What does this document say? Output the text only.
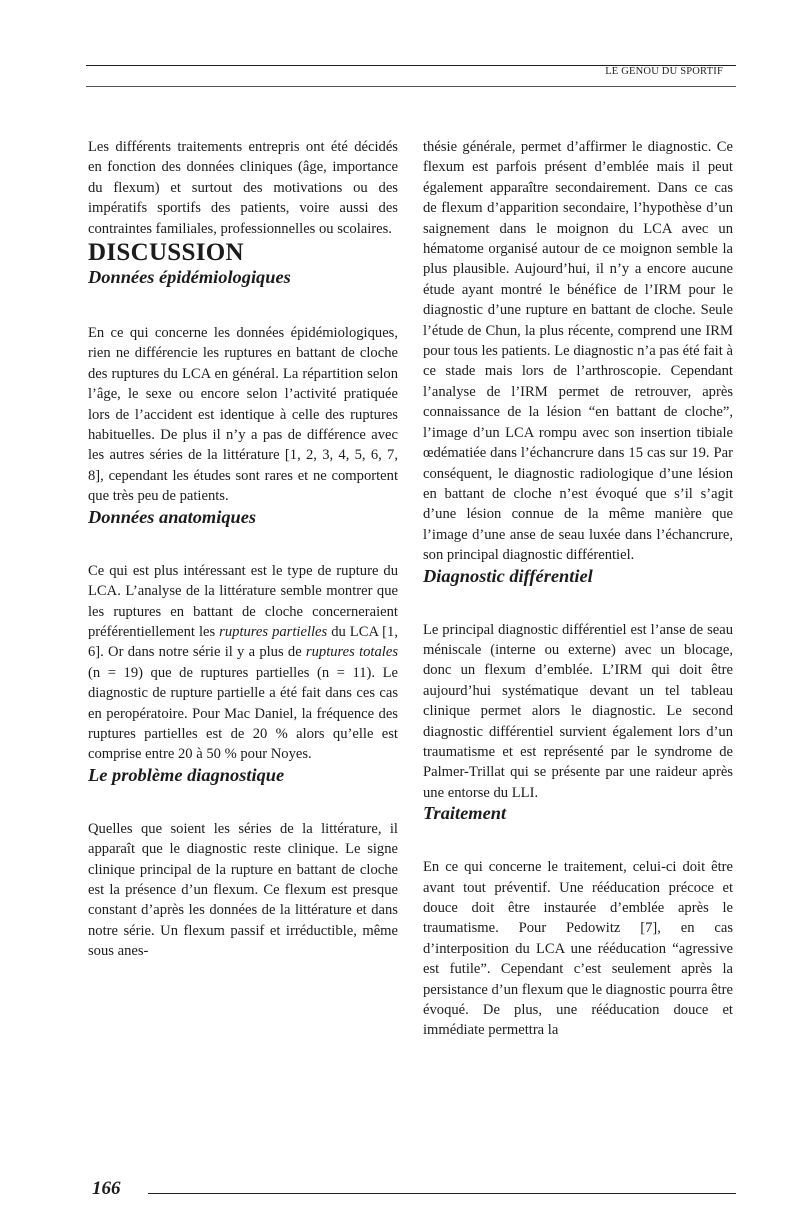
LE GENOU DU SPORTIF

Les différents traitements entrepris ont été décidés en fonction des données cliniques (âge, importance du flexum) et surtout des motivations ou des impératifs sportifs des patients, voire aussi des contraintes familiales, professionnelles ou scolaires.

DISCUSSION
Données épidémiologiques

En ce qui concerne les données épidémiologiques, rien ne différencie les ruptures en battant de cloche des ruptures du LCA en général. La répartition selon l’âge, le sexe ou encore selon l’activité pratiquée lors de l’accident est identique à celle des ruptures habituelles. De plus il n’y a pas de différence avec les autres séries de la littérature [1, 2, 3, 4, 5, 6, 7, 8], cependant les études sont rares et ne comportent que très peu de patients.

Données anatomiques

Ce qui est plus intéressant est le type de rupture du LCA. L’analyse de la littérature semble montrer que les ruptures en battant de cloche concerneraient préférentiellement les ruptures partielles du LCA [1, 6]. Or dans notre série il y a plus de ruptures totales (n = 19) que de ruptures partielles (n = 11). Le diagnostic de rupture partielle a été fait dans ces cas en peropératoire. Pour Mac Daniel, la fréquence des ruptures partielles est de 20 % alors qu’elle est comprise entre 20 à 50 % pour Noyes.

Le problème diagnostique

Quelles que soient les séries de la littérature, il apparaît que le diagnostic reste clinique. Le signe clinique principal de la rupture en battant de cloche est la présence d’un flexum. Ce flexum est presque constant d’après les données de la littérature et dans notre série. Un flexum passif et irréductible, même sous anes-

thésie générale, permet d’affirmer le diagnostic. Ce flexum est parfois présent d’emblée mais il peut également apparaître secondairement. Dans ce cas de flexum d’apparition secondaire, l’hypothèse d’un saignement dans le moignon du LCA avec un hématome organisé autour de ce moignon semble la plus plausible. Aujourd’hui, il n’y a encore aucune étude ayant montré le bénéfice de l’IRM pour le diagnostic d’une rupture en battant de cloche. Seule l’étude de Chun, la plus récente, comprend une IRM pour tous les patients. Le diagnostic n’a pas été fait à ce stade mais lors de l’arthroscopie. Cependant l’analyse de l’IRM permet de retrouver, après connaissance de la lésion “en battant de cloche”, l’image d’un LCA rompu avec son insertion tibiale œdématiée dans l’échancrure dans 15 cas sur 19. Par conséquent, le diagnostic radiologique d’une lésion en battant de cloche n’est évoqué que s’il s’agit d’une lésion connue de la même manière que l’image d’une anse de seau luxée dans l’échancrure, son principal diagnostic différentiel.

Diagnostic différentiel

Le principal diagnostic différentiel est l’anse de seau méniscale (interne ou externe) avec un blocage, donc un flexum d’emblée. L’IRM qui doit être aujourd’hui systématique devant un tel tableau clinique permet alors le diagnostic. Le second diagnostic différentiel survient également lors d’un traumatisme et est représenté par le syndrome de Palmer-Trillat qui se présente par une raideur après une entorse du LLI.

Traitement

En ce qui concerne le traitement, celui-ci doit être avant tout préventif. Une rééducation précoce et douce doit être instaurée d’emblée après le traumatisme. Pour Pedowitz [7], en cas d’interposition du LCA une rééducation “agressive est futile”. Cependant c’est seulement après la persistance d’un flexum que le diagnostic pourra être évoqué. De plus, une rééducation douce et immédiate permettra la

166
